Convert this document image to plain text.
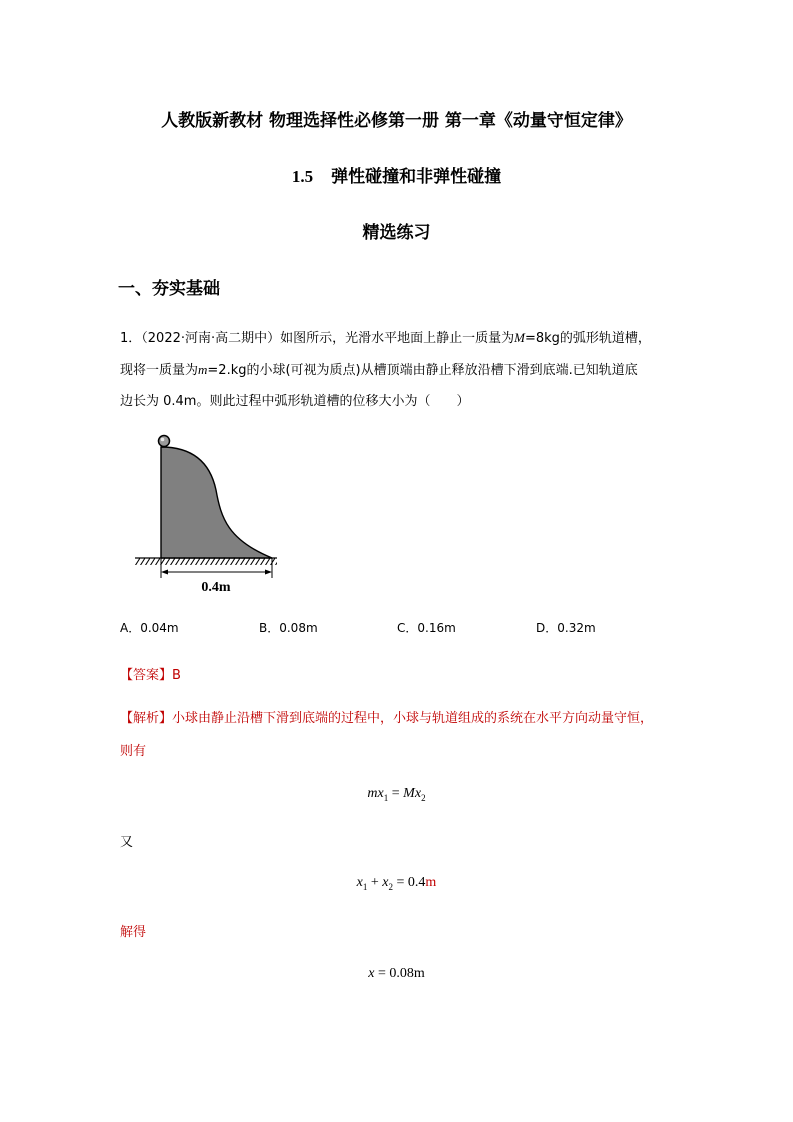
人教版新教材 物理选择性必修第一册 第一章《动量守恒定律》
1.5 弹性碰撞和非弹性碰撞
精选练习
一、夯实基础
1．（2022·河南·高二期中）如图所示，光滑水平地面上静止一质量为M=8kg的弧形轨道槽，
现将一质量为m=2.kg的小球(可视为质点)从槽顶端由静止释放沿槽下滑到底端.已知轨道底
边长为 0.4m。则此过程中弧形轨道槽的位移大小为（　　）
0.4m
A．0.04m	B．0.08m	C．0.16m	D．0.32m
【答案】B
【解析】小球由静止沿槽下滑到底端的过程中，小球与轨道组成的系统在水平方向动量守恒，
则有
$mx_1 = Mx_2$
又
$x_1 + x_2 = 0.4m$
解得
x = 0.08m
